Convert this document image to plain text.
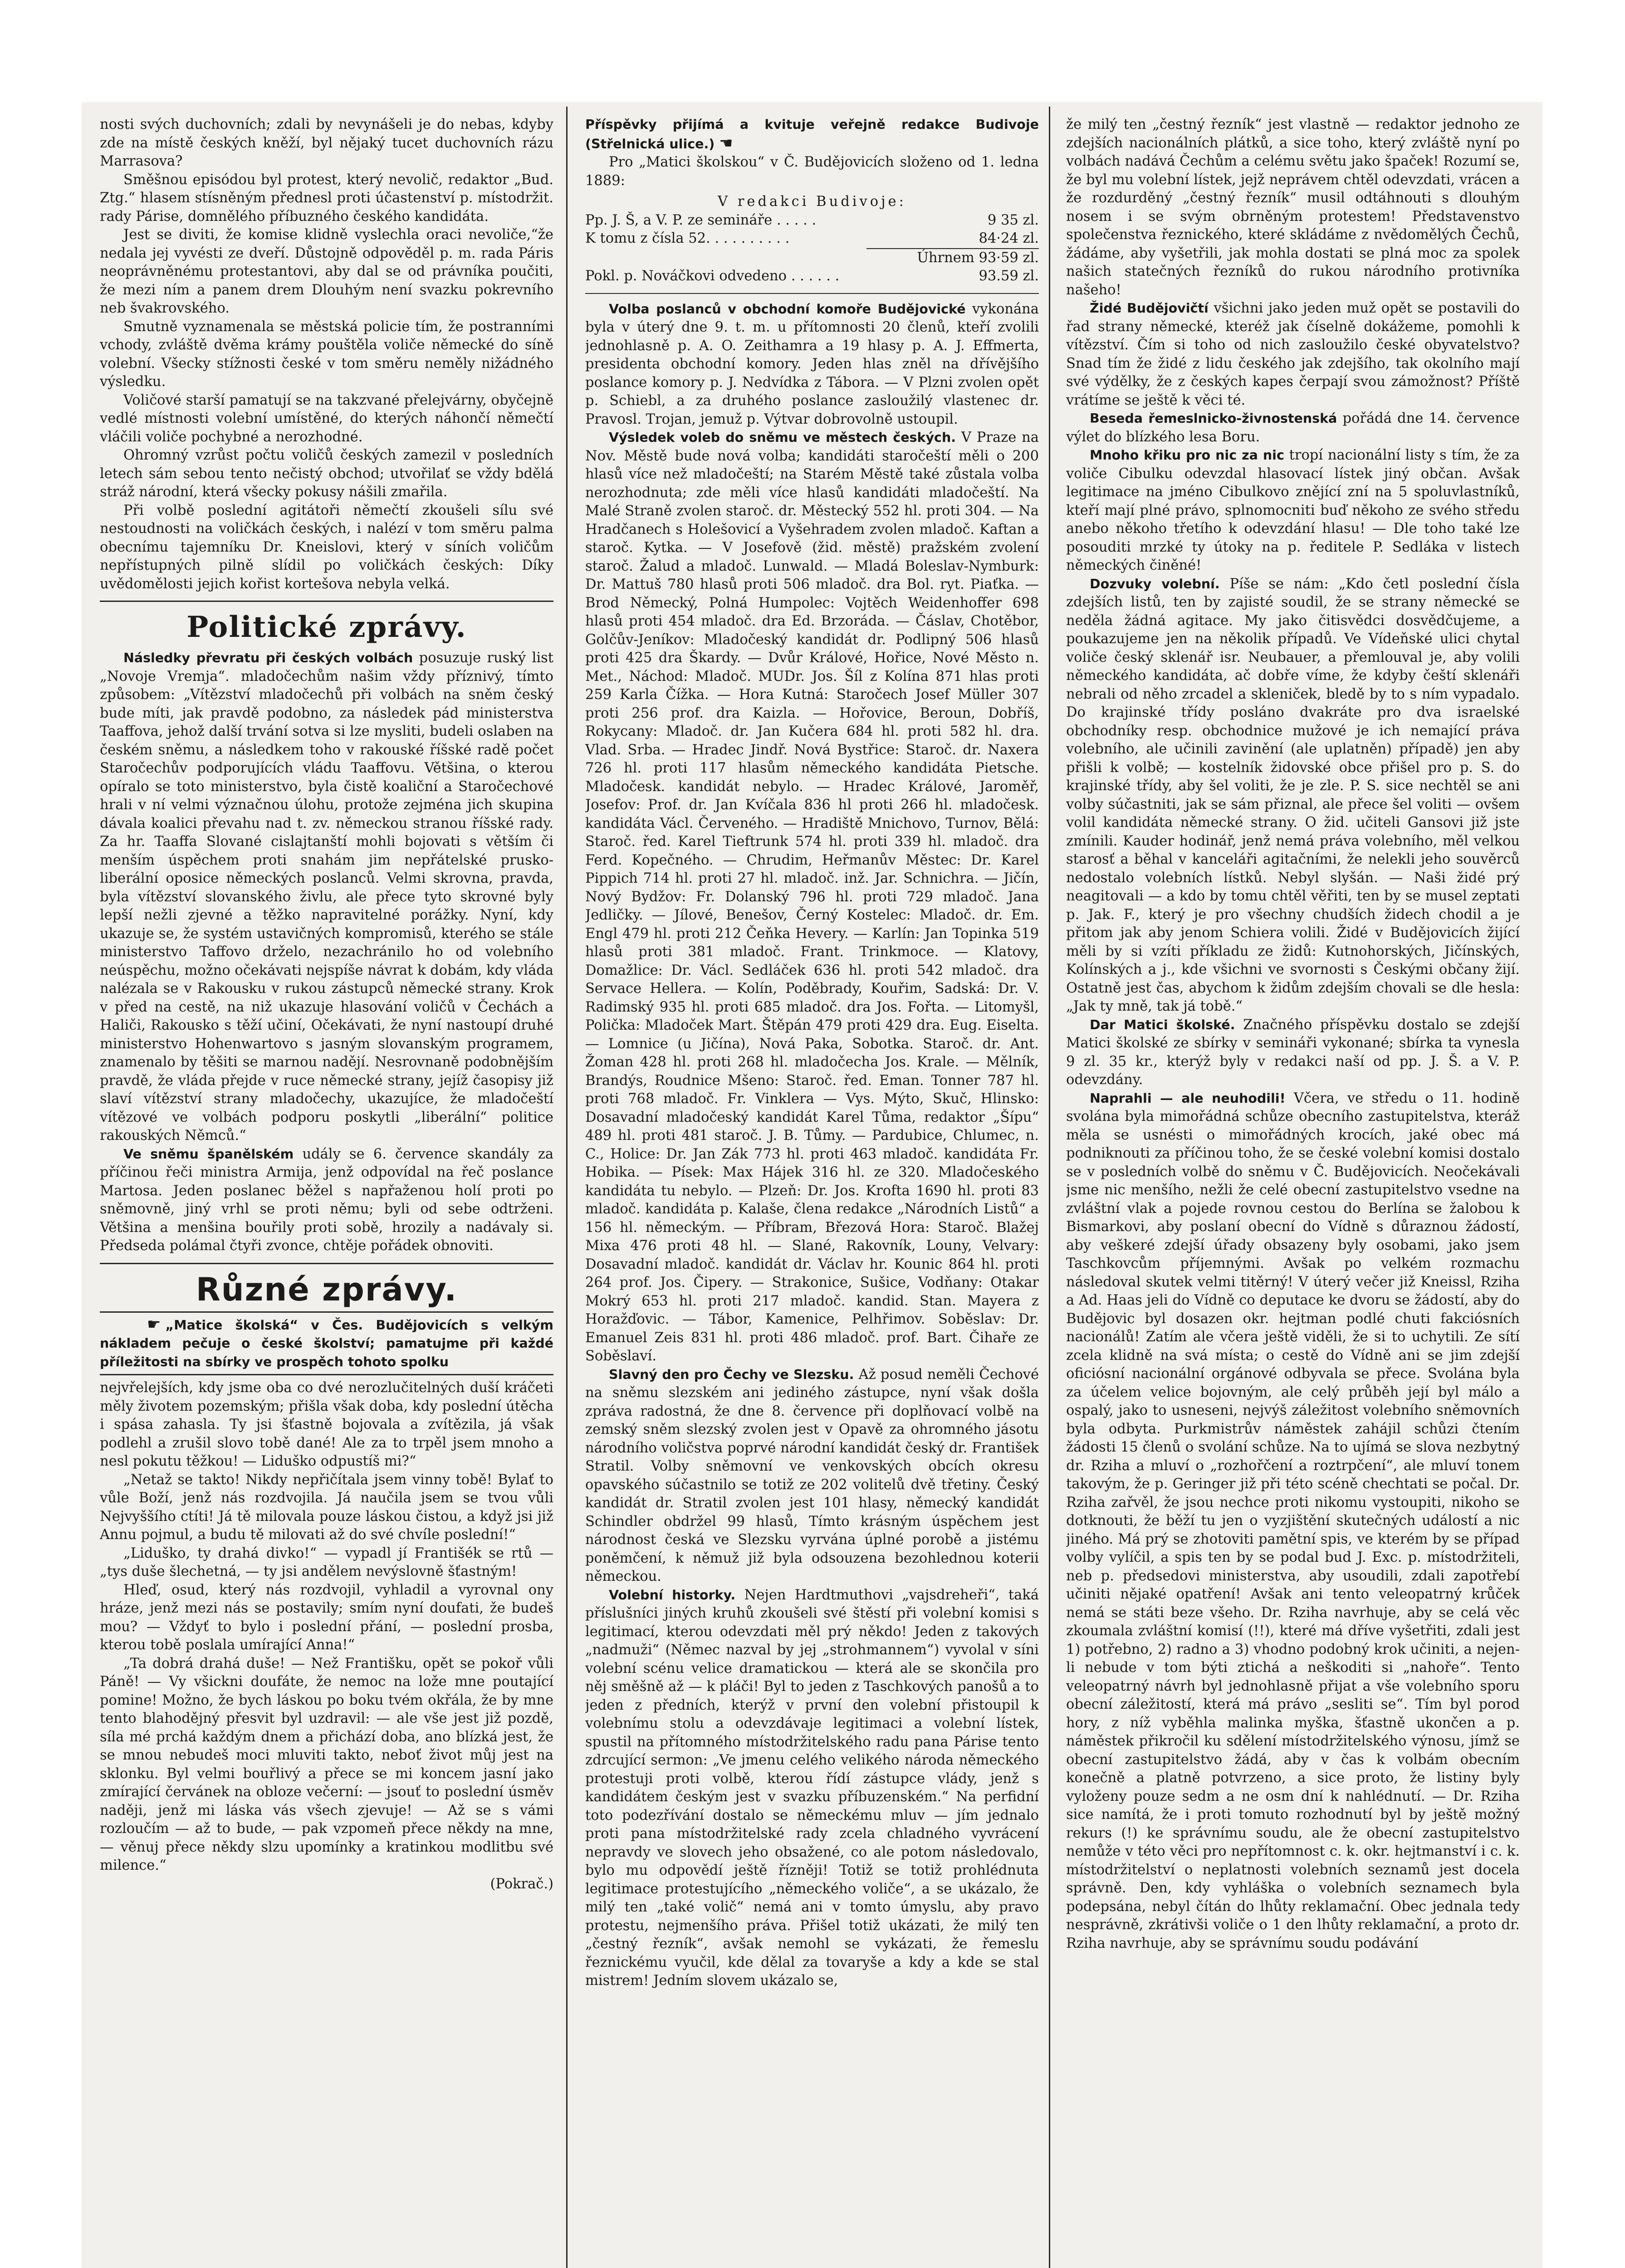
nosti svých duchovních; zdali by nevynášeli je do nebas, kdyby zde na místě českých kněží, byl nějaký tucet duchovních rázu Marrasova?

Směšnou episódou byl protest, který nevolič, redaktor „Bud. Ztg.“ hlasem stísněným přednesl proti účastenství p. místodržit. rady Párise, domnělého příbuzného českého kandidáta.

Jest se diviti, že komise klidně vyslechla oraci nevoliče,“že nedala jej vyvésti ze dveří. Důstojně odpověděl p. m. rada Páris neoprávněnému protestantovi, aby dal se od právníka poučiti, že mezi ním a panem drem Dlouhým není svazku pokrevního neb švakrovského.

Smutně vyznamenala se městská policie tím, že postranními vchody, zvláště dvěma krámy pouštěla voliče německé do síně volební. Všecky stížnosti české v tom směru neměly nižádného výsledku.

Voličové starší pamatují se na takzvané přelejvárny, obyčejně vedlé místnosti volební umístěné, do kterých náhončí němečtí vláčili voliče pochybné a nerozhodné.

Ohromný vzrůst počtu voličů českých zamezil v posledních letech sám sebou tento nečistý obchod; utvořilať se vždy bdělá stráž národní, která všecky pokusy nášili zmařila.

Při volbě poslední agitátoři němečtí zkoušeli sílu své nestoudnosti na voličkách českých, i nalézí v tom směru palma obecnímu tajemníku Dr. Kneislovi, který v síních voličům nepřístupných pilně slídil po voličkách českých: Díky uvědomělosti jejich kořist kortešova nebyla velká.

Politické zprávy.

Následky převratu při českých volbách posuzuje ruský list „Novoje Vremja“. mladočechům našim vždy příznivý, tímto způsobem: „Vítězství mladočechů při volbách na sněm český bude míti, jak pravdě podobno, za následek pád ministerstva Taaffova, jehož další trvání sotva si lze mysliti, budeli oslaben na českém sněmu, a následkem toho v rakouské říšské radě počet Staročechův podporujících vládu Taaffovu. Většina, o kterou opíralo se toto ministerstvo, byla čistě koaliční a Staročechové hrali v ní velmi význačnou úlohu, protože zejména jich skupina dávala koalici převahu nad t. zv. německou stranou říšské rady. Za hr. Taaffa Slované cislajtanští mohli bojovati s větším či menším úspěchem proti snahám jim nepřátelské prusko-liberální oposice německých poslanců. Velmi skrovna, pravda, byla vítězství slovanského živlu, ale přece tyto skrovné byly lepší nežli zjevné a těžko napravitelné porážky. Nyní, kdy ukazuje se, že systém ustavičných kompromisů, kterého se stále ministerstvo Taffovo drželo, nezachránilo ho od volebního neúspěchu, možno očekávati nejspíše návrat k dobám, kdy vláda nalézala se v Rakousku v rukou zástupců německé strany. Krok v před na cestě, na niž ukazuje hlasování voličů v Čechách a Haliči, Rakousko s těží učiní, Očekávati, že nyní nastoupí druhé ministerstvo Hohenwartovo s jasným slovanským programem, znamenalo by těšiti se marnou nadějí. Nesrovnaně podobnějším pravdě, že vláda přejde v ruce německé strany, jejíž časopisy již slaví vítězství strany mladočechy, ukazujíce, že mladočeští vítězové ve volbách podporu poskytli „liberální“ politice rakouských Němců.“

Ve sněmu španělském udály se 6. července skandály za příčinou řeči ministra Armija, jenž odpovídal na řeč poslance Martosa. Jeden poslanec běžel s napřaženou holí proti po sněmovně, jiný vrhl se proti němu; byli od sebe odtrženi. Většina a menšina bouřily proti sobě, hrozily a nadávaly si. Předseda polámal čtyři zvonce, chtěje pořádek obnoviti.

Různé zprávy.

☛ „Matice školská“ v Čes. Budějovicích s velkým nákladem pečuje o české školství; pamatujme při každé příležitosti na sbírky ve prospěch tohoto spolku

nejvřelejších, kdy jsme oba co dvé nerozlučitelných duší kráčeti měly životem pozemským; přišla však doba, kdy poslední útěcha i spása zahasla. Ty jsi šťastně bojovala a zvítězila, já však podlehl a zrušil slovo tobě dané! Ale za to trpěl jsem mnoho a nesl pokutu těžkou! — Liduško odpustíš mi?“

„Netaž se takto! Nikdy nepřičítala jsem vinny tobě! Bylať to vůle Boží, jenž nás rozdvojila. Já naučila jsem se tvou vůli Nejvyššího ctíti! Já tě milovala pouze láskou čistou, a když jsi již Annu pojmul, a budu tě milovati až do své chvíle poslední!“

„Liduško, ty drahá divko!“ — vypadl jí Františék se rtů — „tys duše šlechetná, — ty jsi andělem nevýslovně šťastným!

Hleď, osud, který nás rozdvojil, vyhladil a vyrovnal ony hráze, jenž mezi nás se postavily; smím nyní doufati, že budeš mou? — Vždyť to bylo i poslední přání, — poslední prosba, kterou tobě poslala umírající Anna!“

„Ta dobrá drahá duše! — Než Františku, opět se pokoř vůli Páně! — Vy všickni doufáte, že nemoc na lože mne poutající pomine! Možno, že bych láskou po boku tvém okřála, že by mne tento blahodějný přesvit byl uzdravil: — ale vše jest již pozdě, síla mé prchá každým dnem a přichází doba, ano blízká jest, že se mnou nebudeš moci mluviti takto, neboť život můj jest na sklonku. Byl velmi bouřlivý a přece se mi koncem jasní jako zmírající červánek na obloze večerní: — jsouť to poslední úsměv naději, jenž mi láska vás všech zjevuje! — Až se s vámi rozloučím — až to bude, — pak vzpomeň přece někdy na mne, — věnuj přece někdy slzu upomínky a kratinkou modlitbu své milence.“

(Pokrač.)

Příspěvky přijímá a kvituje veřejně redakce Budivoje (Střelnická ulice.) ☚

Pro „Matici školskou“ v Č. Budějovicích složeno od 1. ledna 1889:

V redakci Budivoje:

Pp. J. Š, a V. P. ze semináře . . . . .	9 35 zl.
K tomu z čísla 52. . . . . . . . . .	84·24 zl.

Úhrnem 93·59 zl.

Pokl. p. Nováčkovi odvedeno . . . . . .	93.59 zl.

Volba poslanců v obchodní komoře Budějovické vykonána byla v úterý dne 9. t. m. u přítomnosti 20 členů, kteří zvolili jednohlasně p. A. O. Zeithamra a 19 hlasy p. A. J. Effmerta, presidenta obchodní komory. Jeden hlas zněl na dřívějšího poslance komory p. J. Nedvídka z Tábora. — V Plzni zvolen opět p. Schiebl, a za druhého poslance zasloužilý vlastenec dr. Pravosl. Trojan, jemuž p. Výtvar dobrovolně ustoupil.

Výsledek voleb do sněmu ve městech českých. V Praze na Nov. Městě bude nová volba; kandidáti staročeští měli o 200 hlasů více než mladočeští; na Starém Městě také zůstala volba nerozhodnuta; zde měli více hlasů kandidáti mladočeští. Na Malé Straně zvolen staroč. dr. Městecký 552 hl. proti 304. — Na Hradčanech s Holešovicí a Vyšehradem zvolen mladoč. Kaftan a staroč. Kytka. — V Josefově (žid. městě) pražském zvolení staroč. Žalud a mladoč. Lunwald. — Mladá Boleslav-Nymburk: Dr. Mattuš 780 hlasů proti 506 mladoč. dra Bol. ryt. Piaťka. — Brod Německý, Polná Humpolec: Vojtěch Weidenhoffer 698 hlasů proti 454 mladoč. dra Ed. Brzoráda. — Čáslav, Chotěbor, Golčův-Jeníkov: Mladočeský kandidát dr. Podlipný 506 hlasů proti 425 dra Škardy. — Dvůr Králové, Hořice, Nové Město n. Met., Náchod: Mladoč. MUDr. Jos. Šíl z Kolína 871 hlas proti 259 Karla Čížka. — Hora Kutná: Staročech Josef Müller 307 proti 256 prof. dra Kaizla. — Hořovice, Beroun, Dobříš, Rokycany: Mladoč. dr. Jan Kučera 684 hl. proti 582 hl. dra. Vlad. Srba. — Hradec Jindř. Nová Bystřice: Staroč. dr. Naxera 726 hl. proti 117 hlasům německého kandidáta Pietsche. Mladočesk. kandidát nebylo. — Hradec Králové, Jaroměř, Josefov: Prof. dr. Jan Kvíčala 836 hl proti 266 hl. mladočesk. kandidáta Václ. Červeného. — Hradiště Mnichovo, Turnov, Bělá: Staroč. řed. Karel Tieftrunk 574 hl. proti 339 hl. mladoč. dra Ferd. Kopečného. — Chrudim, Heřmanův Městec: Dr. Karel Pippich 714 hl. proti 27 hl. mladoč. inž. Jar. Schnichra. — Jičín, Nový Bydžov: Fr. Dolanský 796 hl. proti 729 mladoč. Jana Jedličky. — Jílové, Benešov, Černý Kostelec: Mladoč. dr. Em. Engl 479 hl. proti 212 Čeňka Hevery. — Karlín: Jan Topinka 519 hlasů proti 381 mladoč. Frant. Trinkmoce. — Klatovy, Domažlice: Dr. Václ. Sedláček 636 hl. proti 542 mladoč. dra Servace Hellera. — Kolín, Poděbrady, Kouřim, Sadská: Dr. V. Radimský 935 hl. proti 685 mladoč. dra Jos. Fořta. — Litomyšl, Polička: Mladoček Mart. Štěpán 479 proti 429 dra. Eug. Eiselta. — Lomnice (u Jičína), Nová Paka, Sobotka. Staroč. dr. Ant. Žoman 428 hl. proti 268 hl. mladočecha Jos. Krale. — Mělník, Brandýs, Roudnice Mšeno: Staroč. řed. Eman. Tonner 787 hl. proti 768 mladoč. Fr. Vinklera — Vys. Mýto, Skuč, Hlinsko: Dosavadní mladočeský kandidát Karel Tůma, redaktor „Šípu“ 489 hl. proti 481 staroč. J. B. Tůmy. — Pardubice, Chlumec, n. C., Holice: Dr. Jan Zák 773 hl. proti 463 mladoč. kandidáta Fr. Hobika. — Písek: Max Hájek 316 hl. ze 320. Mladočeského kandidáta tu nebylo. — Plzeň: Dr. Jos. Krofta 1690 hl. proti 83 mladoč. kandidáta p. Kalaše, člena redakce „Národních Listů“ a 156 hl. německým. — Příbram, Březová Hora: Staroč. Blažej Mixa 476 proti 48 hl. — Slané, Rakovník, Louny, Velvary: Dosavadní mladoč. kandidát dr. Václav hr. Kounic 864 hl. proti 264 prof. Jos. Čipery. — Strakonice, Sušice, Vodňany: Otakar Mokrý 653 hl. proti 217 mladoč. kandid. Stan. Mayera z Horažďovic. — Tábor, Kamenice, Pelhřimov. Soběslav: Dr. Emanuel Zeis 831 hl. proti 486 mladoč. prof. Bart. Čihaře ze Soběslaví.

Slavný den pro Čechy ve Slezsku. Až posud neměli Čechové na sněmu slezském ani jediného zástupce, nyní však došla zpráva radostná, že dne 8. července při doplňovací volbě na zemský sněm slezský zvolen jest v Opavě za ohromného jásotu národního voličstva poprvé národní kandidát český dr. František Stratil. Volby sněmovní ve venkovských obcích okresu opavského súčastnilo se totiž ze 202 volitelů dvě třetiny. Český kandidát dr. Stratil zvolen jest 101 hlasy, německý kandidát Schindler obdržel 99 hlasů, Tímto krásným úspěchem jest národnost česká ve Slezsku vyrvána úplné porobě a jistému poněmčení, k němuž již byla odsouzena bezohlednou koterii německou.

Volební historky. Nejen Hardtmuthovi „vajsdreheři“, taká příslušníci jiných kruhů zkoušeli své štěstí při volební komisi s legitimací, kterou odevzdati měl prý někdo! Jeden z takových „nadmuži“ (Němec nazval by jej „strohmannem“) vyvolal v síni volební scénu velice dramatickou — která ale se skončila pro něj směšně až — k pláči! Byl to jeden z Taschkových panošů a to jeden z předních, kterýž v první den volební přistoupil k volebnímu stolu a odevzdávaje legitimaci a volební lístek, spustil na přítomného místodržitelského radu pana Párise tento zdrcující sermon: „Ve jmenu celého velikého národa německého protestuji proti volbě, kterou řídí zástupce vlády, jenž s kandidátem českým jest v svazku příbuzenském.“ Na perfidní toto podezřívání dostalo se německému mluv — jím jednalo proti pana místodržitelské rady zcela chladného vyvrácení nepravdy ve slovech jeho obsažené, co ale potom následovalo, bylo mu odpovědí ještě řízněji! Totiž se totiž prohlédnuta legitimace protestujícího „německého voliče“, a se ukázalo, že milý ten „také volič“ nemá ani v tomto úmyslu, aby pravo protestu, nejmenšího práva. Přišel totiž ukázati, že milý ten „čestný řezník“, avšak nemohl se vykázati, že řemeslu řeznickému vyučil, kde dělal za tovaryše a kdy a kde se stal mistrem! Jedním slovem ukázalo se,

že milý ten „čestný řezník“ jest vlastně — redaktor jednoho ze zdejších nacionálních plátků, a sice toho, který zvláště nyní po volbách nadává Čechům a celému světu jako špaček! Rozumí se, že byl mu volební lístek, jejž neprávem chtěl odevzdati, vrácen a že rozdurděný „čestný řezník“ musil odtáhnouti s dlouhým nosem i se svým obrněným protestem! Představenstvo společenstva řeznického, které skládáme z nvědomělých Čechů, žádáme, aby vyšetřili, jak mohla dostati se plná moc za spolek našich statečných řezníků do rukou národního protivníka našeho!

Židé Budějovičtí všichni jako jeden muž opět se postavili do řad strany německé, kteréž jak číselně dokážeme, pomohli k vítězství. Čím si toho od nich zasloužilo české obyvatelstvo? Snad tím že židé z lidu českého jak zdejšího, tak okolního mají své výdělky, že z českých kapes čerpají svou zámožnost? Příště vrátíme se ještě k věci té.

Beseda řemeslnicko-živnostenská pořádá dne 14. července výlet do blízkého lesa Boru.

Mnoho křiku pro nic za nic tropí nacionální listy s tím, že za voliče Cibulku odevzdal hlasovací lístek jiný občan. Avšak legitimace na jméno Cibulkovo znějící zní na 5 spoluvlastníků, kteří mají plné právo, splnomocniti buď někoho ze svého středu anebo někoho třetího k odevzdání hlasu! — Dle toho také lze posouditi mrzké ty útoky na p. ředitele P. Sedláka v listech německých činěné!

Dozvuky volební. Píše se nám: „Kdo četl poslední čísla zdejších listů, ten by zajisté soudil, že se strany německé se neděla žádná agitace. My jako čitisvědci dosvědčujeme, a poukazujeme jen na několik případů. Ve Vídeňské ulici chytal voliče český sklenář isr. Neubauer, a přemlouval je, aby volili německého kandidáta, ač dobře víme, že kdyby čeští sklenáři nebrali od něho zrcadel a skleniček, bledě by to s ním vypadalo. Do krajinské třídy posláno dvakráte pro dva israelské obchodníky resp. obchodnice mužové je ich nemající práva volebního, ale učinili zavinění (ale uplatněn) případě) jen aby přišli k volbě; — kostelník židovské obce přišel pro p. S. do krajinské třídy, aby šel voliti, že je zle. P. S. sice nechtěl se ani volby súčastniti, jak se sám přiznal, ale přece šel voliti — ovšem volil kandidáta německé strany. O žid. učiteli Gansovi již jste zmínili. Kauder hodinář, jenž nemá práva volebního, měl velkou starosť a běhal v kanceláři agitačními, že nelekli jeho souvěrců nedostalo volebních lístků. Nebyl slyšán. — Naši židé prý neagitovali — a kdo by tomu chtěl věřiti, ten by se musel zeptati p. Jak. F., který je pro všechny chudších židech chodil a je přitom jak aby jenom Schiera volili. Židé v Budějovicích žijící měli by si vzíti příkladu ze židů: Kutnohorských, Jičínských, Kolínských a j., kde všichni ve svornosti s Českými občany žijí. Ostatně jest čas, abychom k židům zdejším chovali se dle hesla: „Jak ty mně, tak já tobě.“

Dar Matici školské. Značného příspěvku dostalo se zdejší Matici školské ze sbírky v semináři vykonané; sbírka ta vynesla 9 zl. 35 kr., kterýž byly v redakci naší od pp. J. Š. a V. P. odevzdány.

Naprahli — ale neuhodili! Včera, ve středu o 11. hodině svolána byla mimořádná schůze obecního zastupitelstva, kteráž měla se usnésti o mimořádných krocích, jaké obec má podniknouti za příčinou toho, že se české volební komisi dostalo se v posledních volbě do sněmu v Č. Budějovicích. Neočekávali jsme nic menšího, nežli že celé obecní zastupitelstvo vsedne na zvláštní vlak a pojede rovnou cestou do Berlína se žalobou k Bismarkovi, aby poslaní obecní do Vídně s důraznou žádostí, aby veškeré zdejší úřady obsazeny byly osobami, jako jsem Taschkovcům příjemnými. Avšak po velkém rozmachu následoval skutek velmi titěrný! V úterý večer již Kneissl, Rziha a Ad. Haas jeli do Vídně co deputace ke dvoru se žádostí, aby do Budějovic byl dosazen okr. hejtman podlé chuti fakciósních nacionálů! Zatím ale včera ještě viděli, že si to uchytili. Ze sítí zcela klidně na svá místa; o cestě do Vídně ani se jim zdejší oficiósní nacionální orgánové odbyvala se přece. Svolána byla za účelem velice bojovným, ale celý průběh její byl málo a ospalý, jako to usneseni, nejvýš záležitost volebního sněmovních byla odbyta. Purkmistrův náměstek zahájil schůzi čtením žádosti 15 členů o svolání schůze. Na to ujímá se slova nezbytný dr. Rziha a mluví o „rozhořčení a roztrpčení“, ale mluví tonem takovým, že p. Geringer již při této scéně chechtati se počal. Dr. Rziha zařvěl, že jsou nechce proti nikomu vystoupiti, nikoho se dotknouti, že běží tu jen o vyzjištění skutečných událostí a nic jiného. Má prý se zhotoviti pamětní spis, ve kterém by se případ volby vylíčil, a spis ten by se podal bud J. Exc. p. místodržiteli, neb p. předsedovi ministerstva, aby usoudili, zdali zapotřebí učiniti nějaké opatření! Avšak ani tento veleopatrný krůček nemá se státi beze všeho. Dr. Rziha navrhuje, aby se celá věc zkoumala zvláštní komisí (!!), které má dříve vyšetřiti, zdali jest 1) potřebno, 2) radno a 3) vhodno podobný krok učiniti, a nejen-li nebude v tom býti ztichá a neškoditi si „nahoře“. Tento veleopatrný návrh byl jednohlasně přijat a vše volebního sporu obecní záležitostí, která má právo „sesliti se“. Tím byl porod hory, z níž vyběhla malinka myška, šťastně ukončen a p. náměstek přikročil ku sdělení místodržitelského výnosu, jímž se obecní zastupitelstvo žádá, aby v čas k volbám obecním konečně a platně potvrzeno, a sice proto, že listiny byly vyloženy pouze sedm a ne osm dní k nahlédnutí. — Dr. Rziha sice namítá, že i proti tomuto rozhodnutí byl by ještě možný rekurs (!) ke správnímu soudu, ale že obecní zastupitelstvo nemůže v této věci pro nepřítomnost c. k. okr. hejtmanství i c. k. místodržitelství o neplatnosti volebních seznamů jest docela správně. Den, kdy vyhláška o volebních seznamech byla podepsána, nebyl čítán do lhůty reklamační. Obec jednala tedy nesprávně, zkrátivši voliče o 1 den lhůty reklamační, a proto dr. Rziha navrhuje, aby se správnímu soudu podávání
